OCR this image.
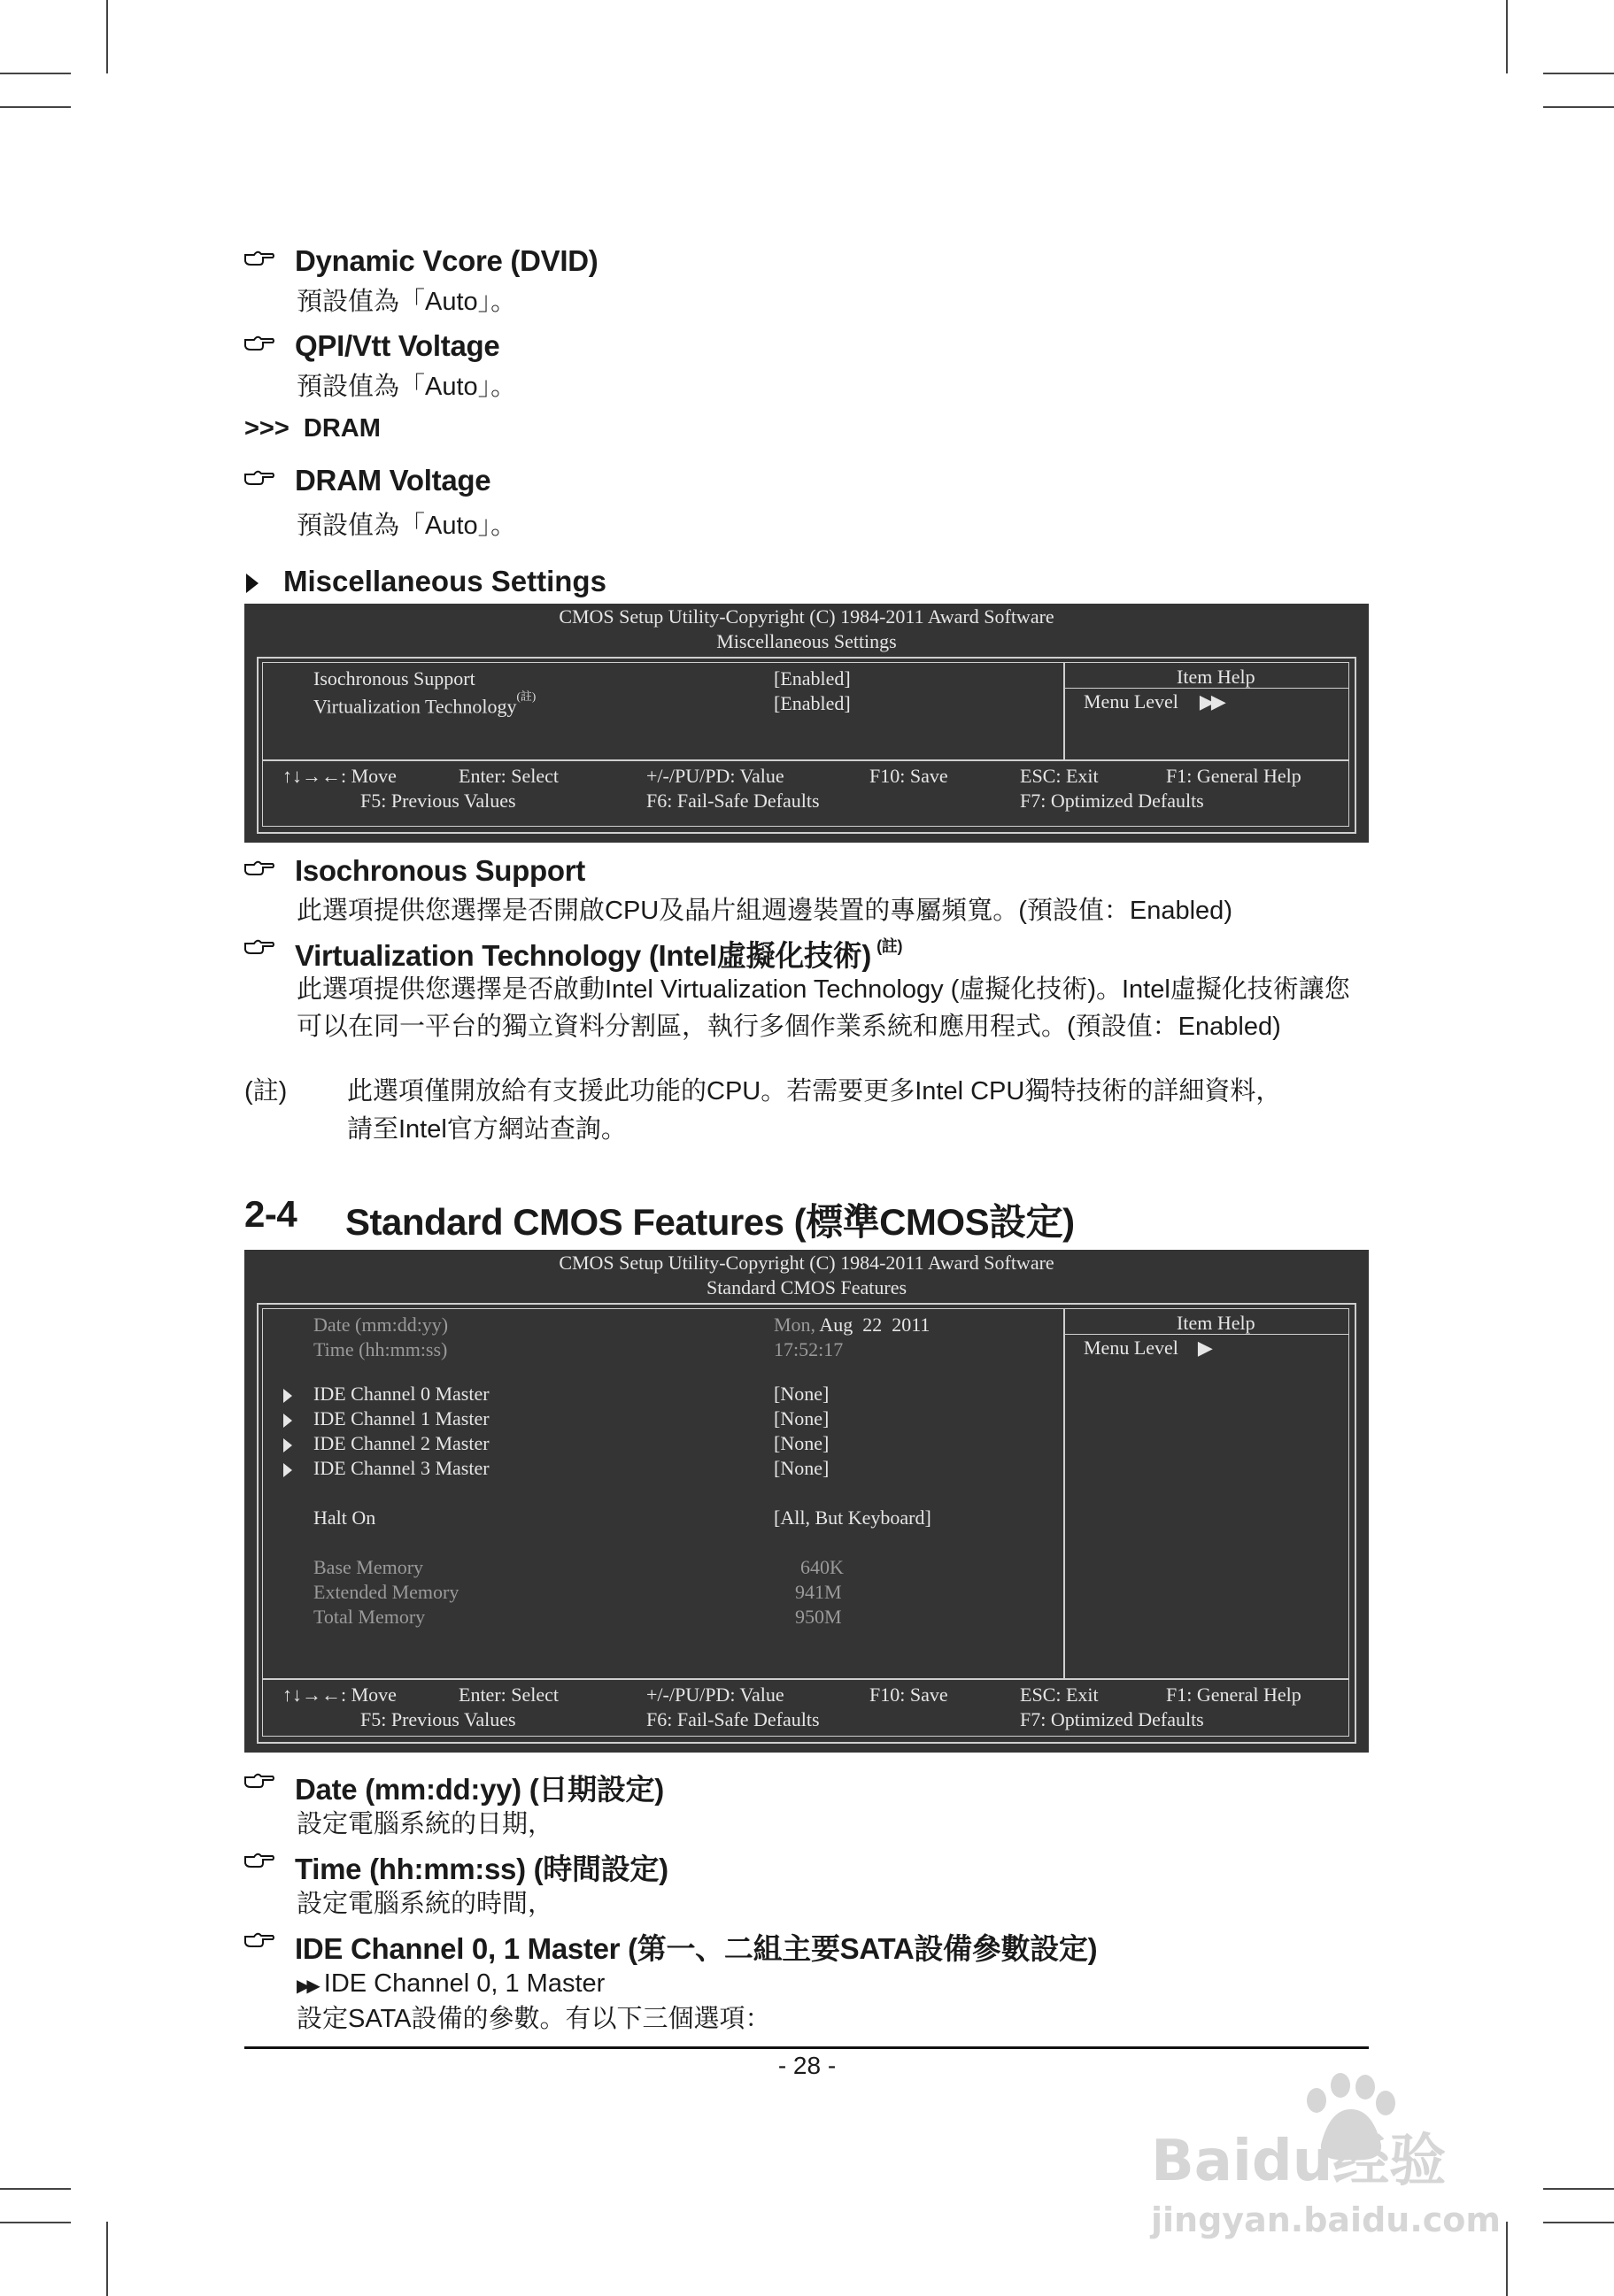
Dynamic Vcore (DVID)
預設值為「Auto」。
QPI/Vtt Voltage
預設值為「Auto」。
>>>  DRAM
DRAM Voltage
預設值為「Auto」。
Miscellaneous Settings
CMOS Setup Utility-Copyright (C) 1984-2011 Award Software
Miscellaneous Settings
Isochronous Support	[Enabled]
Virtualization Technology$^{(註)}$	[Enabled]
Item Help
Menu Level ▶▶
↑↓→←: Move	Enter: Select	+/-/PU/PD: Value	F10: Save	ESC: Exit	F1: General Help
F5: Previous Values	F6: Fail-Safe Defaults	F7: Optimized Defaults
Isochronous Support
此選項提供您選擇是否開啟CPU及晶片組週邊裝置的專屬頻寬。(預設值：Enabled)
Virtualization Technology (Intel虛擬化技術) $^{(註)}$
此選項提供您選擇是否啟動Intel Virtualization Technology (虛擬化技術)。Intel虛擬化技術讓您
可以在同一平台的獨立資料分割區，執行多個作業系統和應用程式。(預設值：Enabled)
(註) 此選項僅開放給有支援此功能的CPU。若需要更多Intel CPU獨特技術的詳細資料，
請至Intel官方網站查詢。
2-4 Standard CMOS Features (標準CMOS設定)
CMOS Setup Utility-Copyright (C) 1984-2011 Award Software
Standard CMOS Features
Date (mm:dd:yy)	Mon, Aug  22  2011
Time (hh:mm:ss)	17:52:17
IDE Channel 0 Master	[None]
IDE Channel 1 Master	[None]
IDE Channel 2 Master	[None]
IDE Channel 3 Master	[None]
Halt On	[All, But Keyboard]
Base Memory	640K
Extended Memory	941M
Total Memory	950M
Item Help
Menu Level ▶
↑↓→←: Move	Enter: Select	+/-/PU/PD: Value	F10: Save	ESC: Exit	F1: General Help
F5: Previous Values	F6: Fail-Safe Defaults	F7: Optimized Defaults
Date (mm:dd:yy) (日期設定)
設定電腦系統的日期，
Time (hh:mm:ss) (時間設定)
設定電腦系統的時間，
IDE Channel 0, 1 Master (第一、二組主要SATA設備參數設定)
▶▶ IDE Channel 0, 1 Master
設定SATA設備的參數。有以下三個選項：
- 28 -
Baidu经验
jingyan.baidu.com
